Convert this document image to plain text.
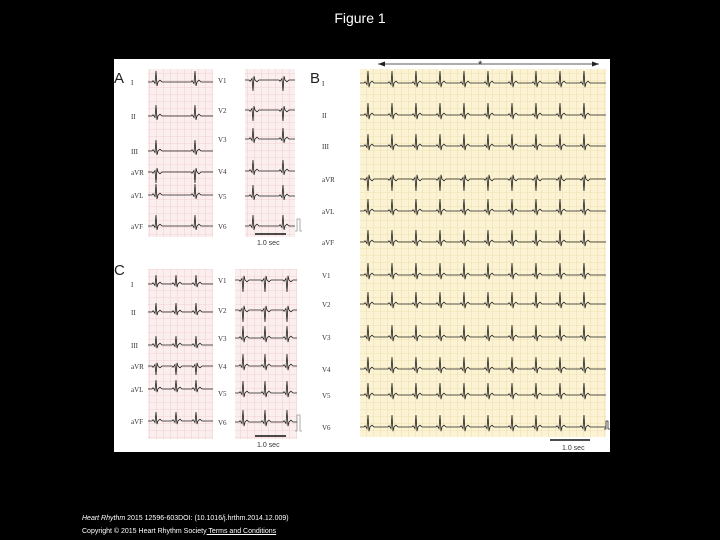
Figure 1
A	B
C
*
1.0 sec
1.0 sec	1.0 sec
I
II
III
aVR
aVL
aVF
V1
V2
V3
V4
V5
V6
I
II
III
aVR
aVL
aVF
V1
V2
V3
V4
V5
V6
I
II
III
aVR
aVL
aVF
V1
V2
V3
V4
V5
V6
Heart Rhythm 2015 12596-603DOI: (10.1016/j.hrthm.2014.12.009)
Copyright © 2015 Heart Rhythm Society Terms and Conditions
